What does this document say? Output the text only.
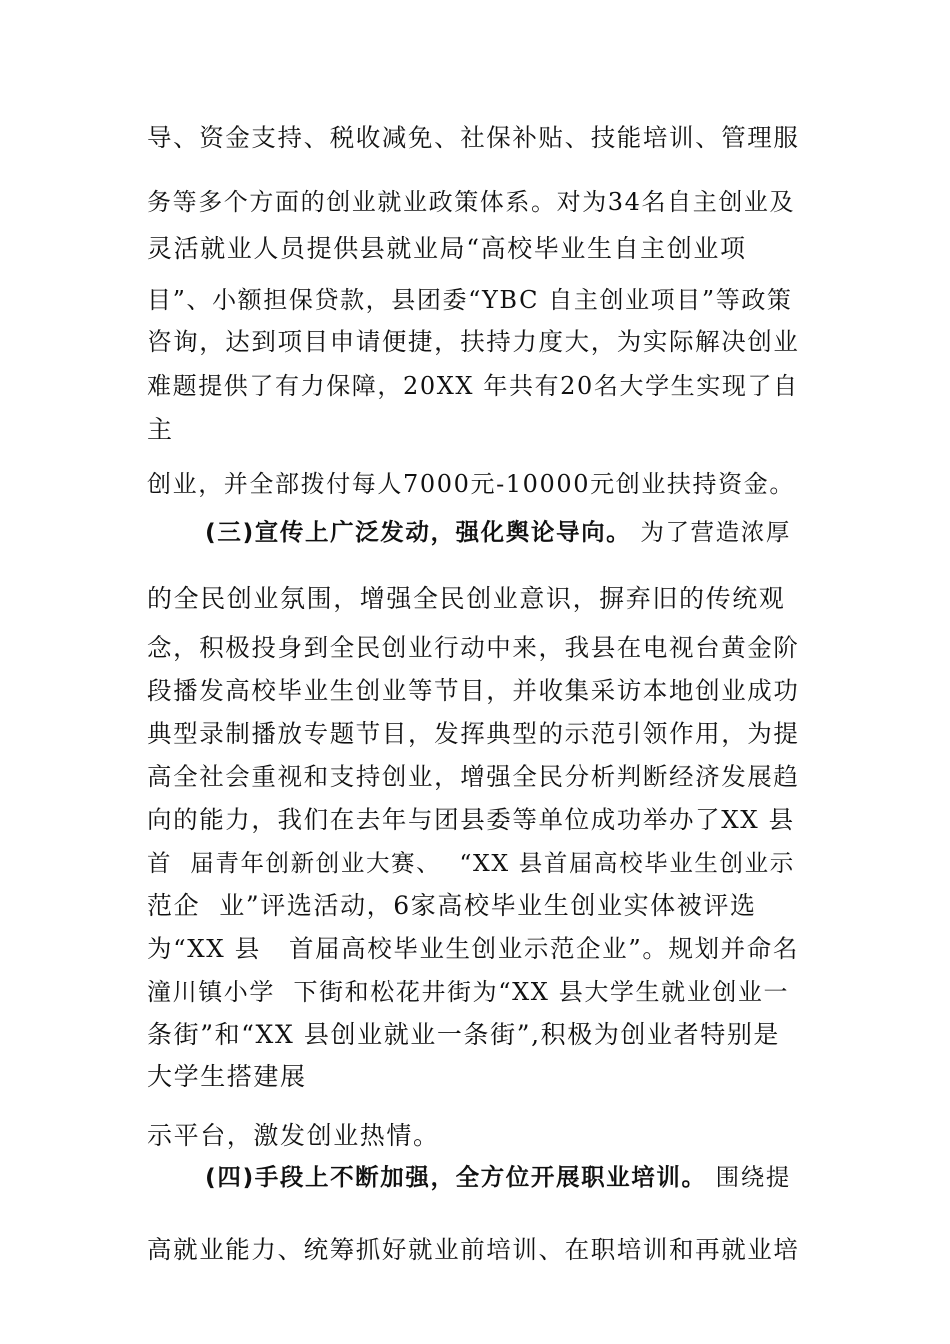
导、资金支持、税收减免、社保补贴、技能培训、管理服
务等多个方面的创业就业政策体系。对为34名自主创业及
灵活就业人员提供县就业局“高校毕业生自主创业项
目”、小额担保贷款，县团委“YBC 自主创业项目”等政策
咨询，达到项目申请便捷，扶持力度大，为实际解决创业
难题提供了有力保障，20XX 年共有20名大学生实现了自
主
创业，并全部拨付每人7000元-10000元创业扶持资金。
(三)宣传上广泛发动，强化舆论导向。 为了营造浓厚
的全民创业氛围，增强全民创业意识，摒弃旧的传统观
念，积极投身到全民创业行动中来，我县在电视台黄金阶
段播发高校毕业生创业等节目，并收集采访本地创业成功
典型录制播放专题节目，发挥典型的示范引领作用，为提
高全社会重视和支持创业，增强全民分析判断经济发展趋
向的能力，我们在去年与团县委等单位成功举办了XX 县
首  届青年创新创业大赛、  “XX 县首届高校毕业生创业示
范企  业”评选活动，6家高校毕业生创业实体被评选
为“XX 县   首届高校毕业生创业示范企业”。规划并命名
潼川镇小学  下街和松花井街为“XX 县大学生就业创业一
条街”和“XX 县创业就业一条街”,积极为创业者特别是
大学生搭建展
示平台，激发创业热情。
(四)手段上不断加强，全方位开展职业培训。 围绕提
高就业能力、统筹抓好就业前培训、在职培训和再就业培
